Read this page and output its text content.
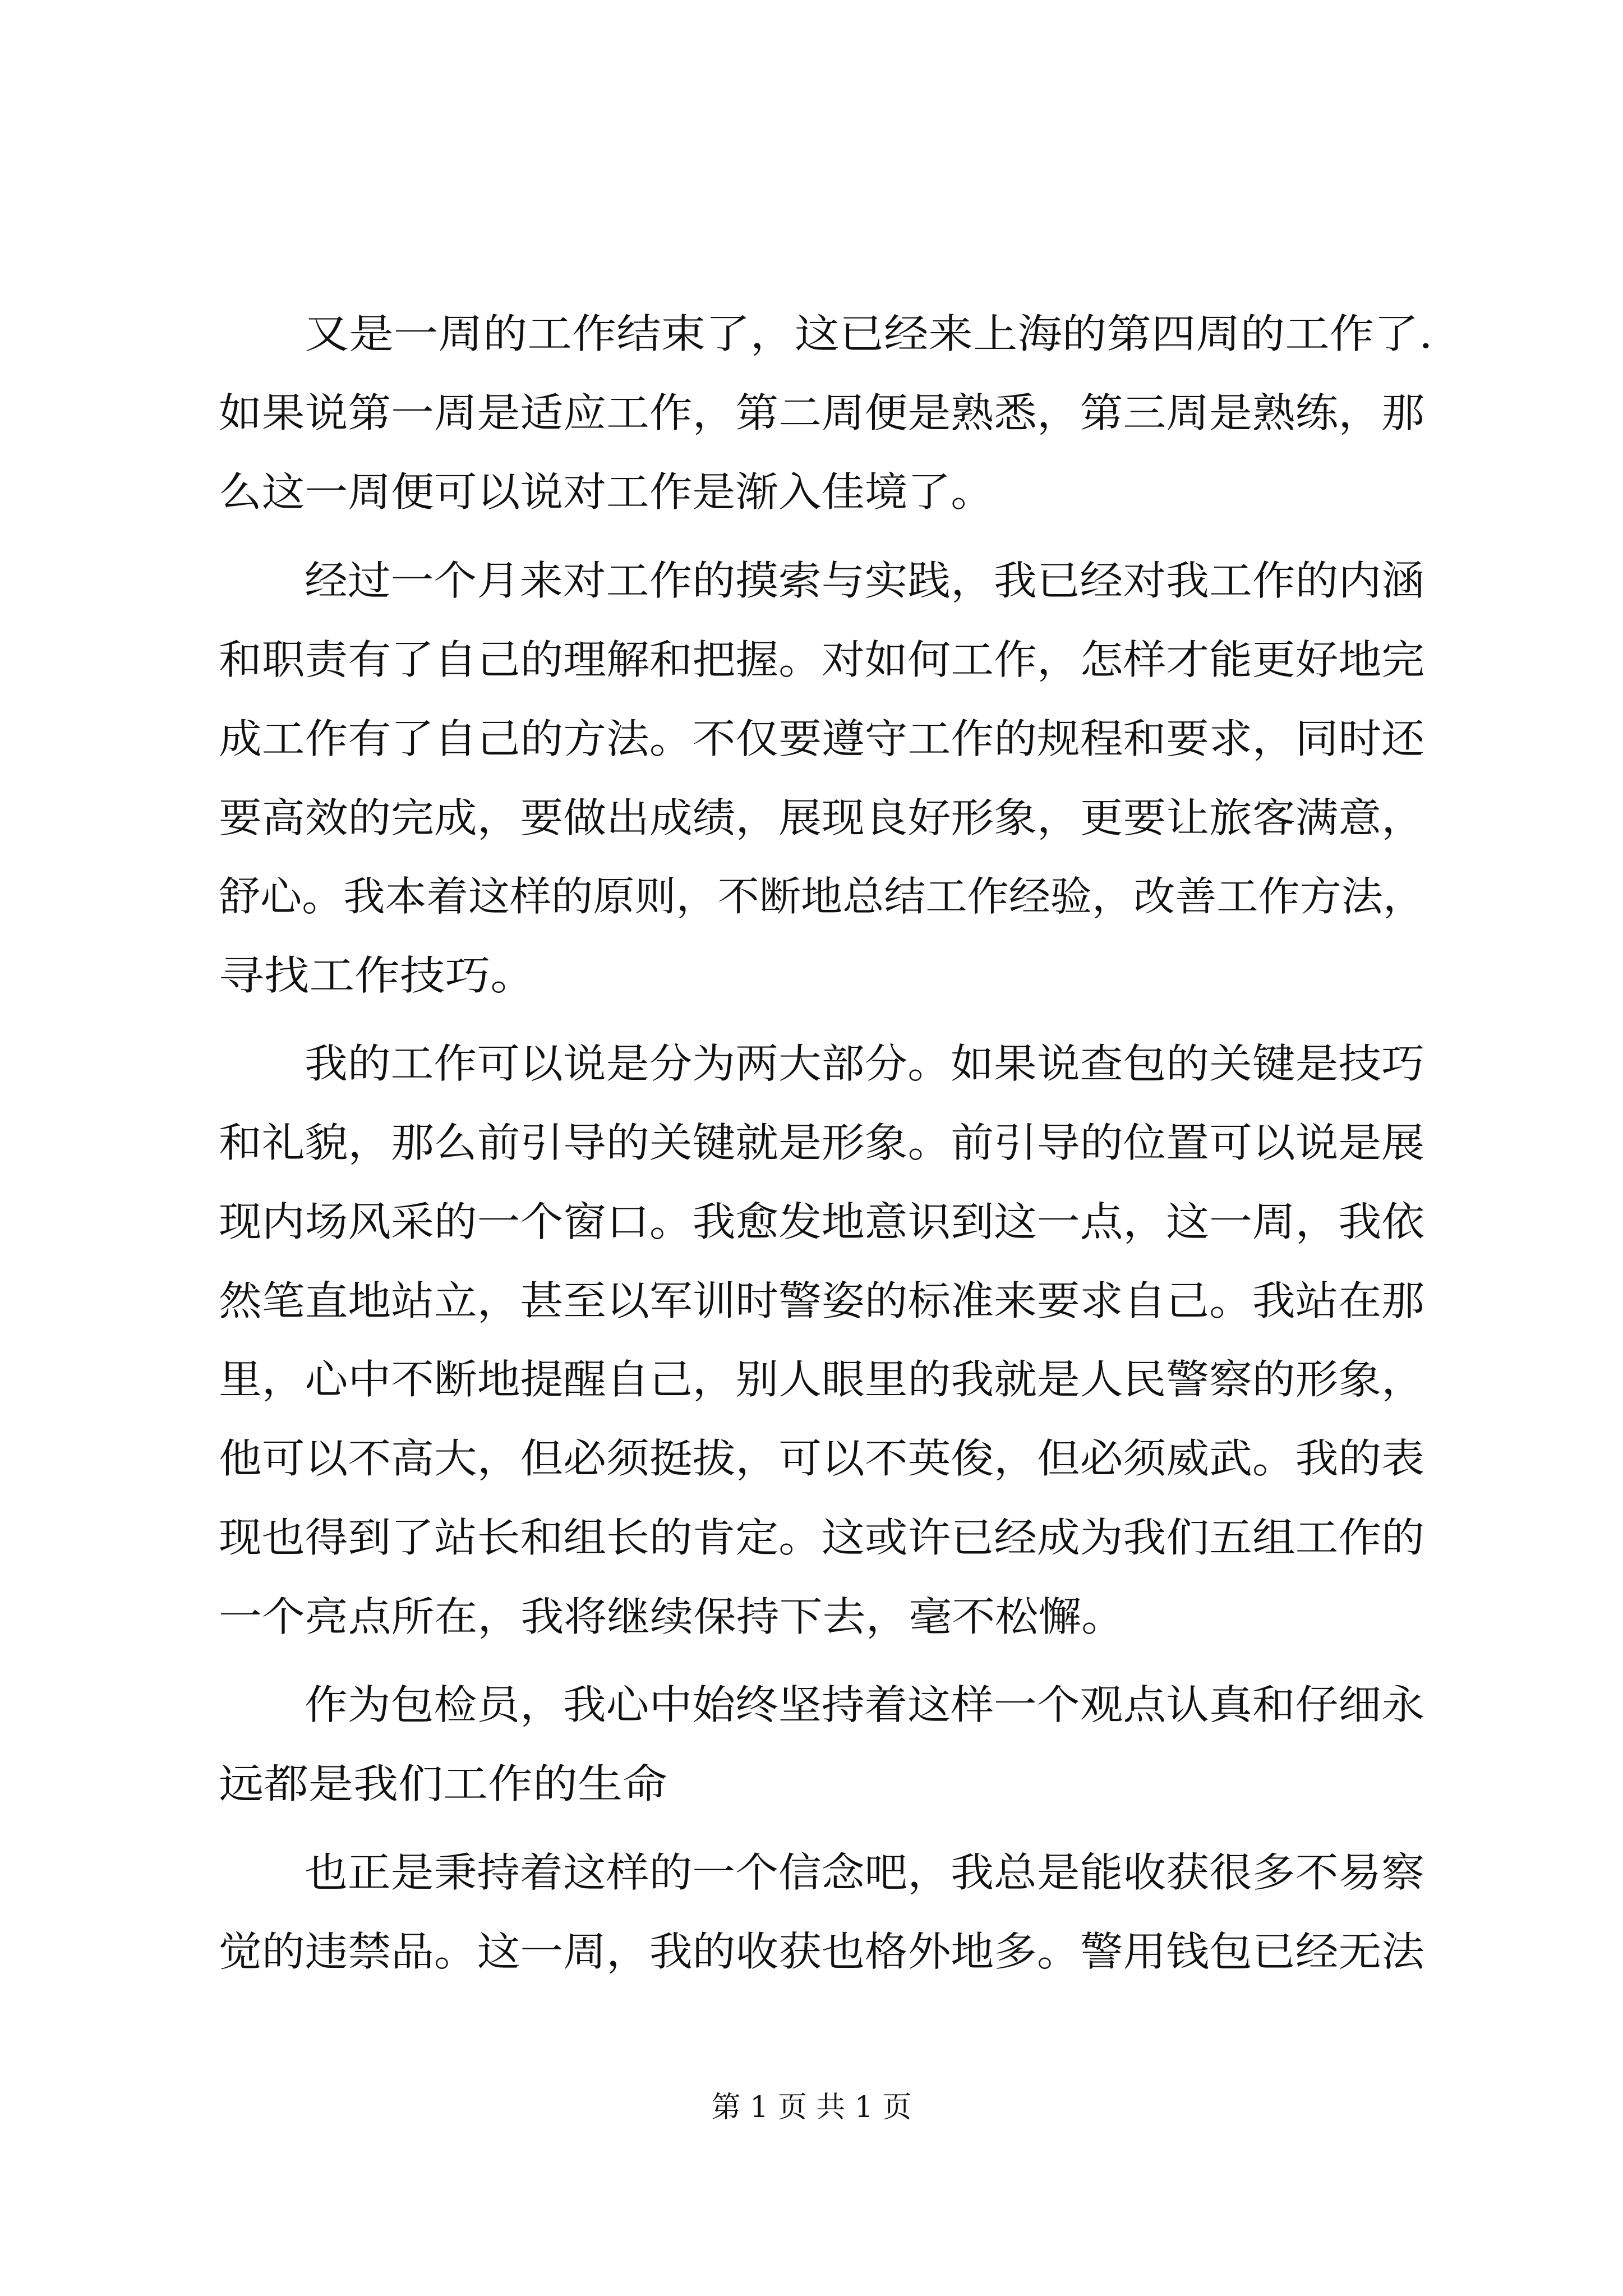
又是一周的工作结束了，这已经来上海的第四周的工作了.
如果说第一周是适应工作，第二周便是熟悉，第三周是熟练，那
么这一周便可以说对工作是渐入佳境了。
经过一个月来对工作的摸索与实践，我已经对我工作的内涵
和职责有了自己的理解和把握。对如何工作，怎样才能更好地完
成工作有了自己的方法。不仅要遵守工作的规程和要求，同时还
要高效的完成，要做出成绩，展现良好形象，更要让旅客满意，
舒心。我本着这样的原则，不断地总结工作经验，改善工作方法，
寻找工作技巧。
我的工作可以说是分为两大部分。如果说查包的关键是技巧
和礼貌，那么前引导的关键就是形象。前引导的位置可以说是展
现内场风采的一个窗口。我愈发地意识到这一点，这一周，我依
然笔直地站立，甚至以军训时警姿的标准来要求自己。我站在那
里，心中不断地提醒自己，别人眼里的我就是人民警察的形象，
他可以不高大，但必须挺拔，可以不英俊，但必须威武。我的表
现也得到了站长和组长的肯定。这或许已经成为我们五组工作的
一个亮点所在，我将继续保持下去，毫不松懈。
作为包检员，我心中始终坚持着这样一个观点认真和仔细永
远都是我们工作的生命
也正是秉持着这样的一个信念吧，我总是能收获很多不易察
觉的违禁品。这一周，我的收获也格外地多。警用钱包已经无法
第 1 页 共 1 页
